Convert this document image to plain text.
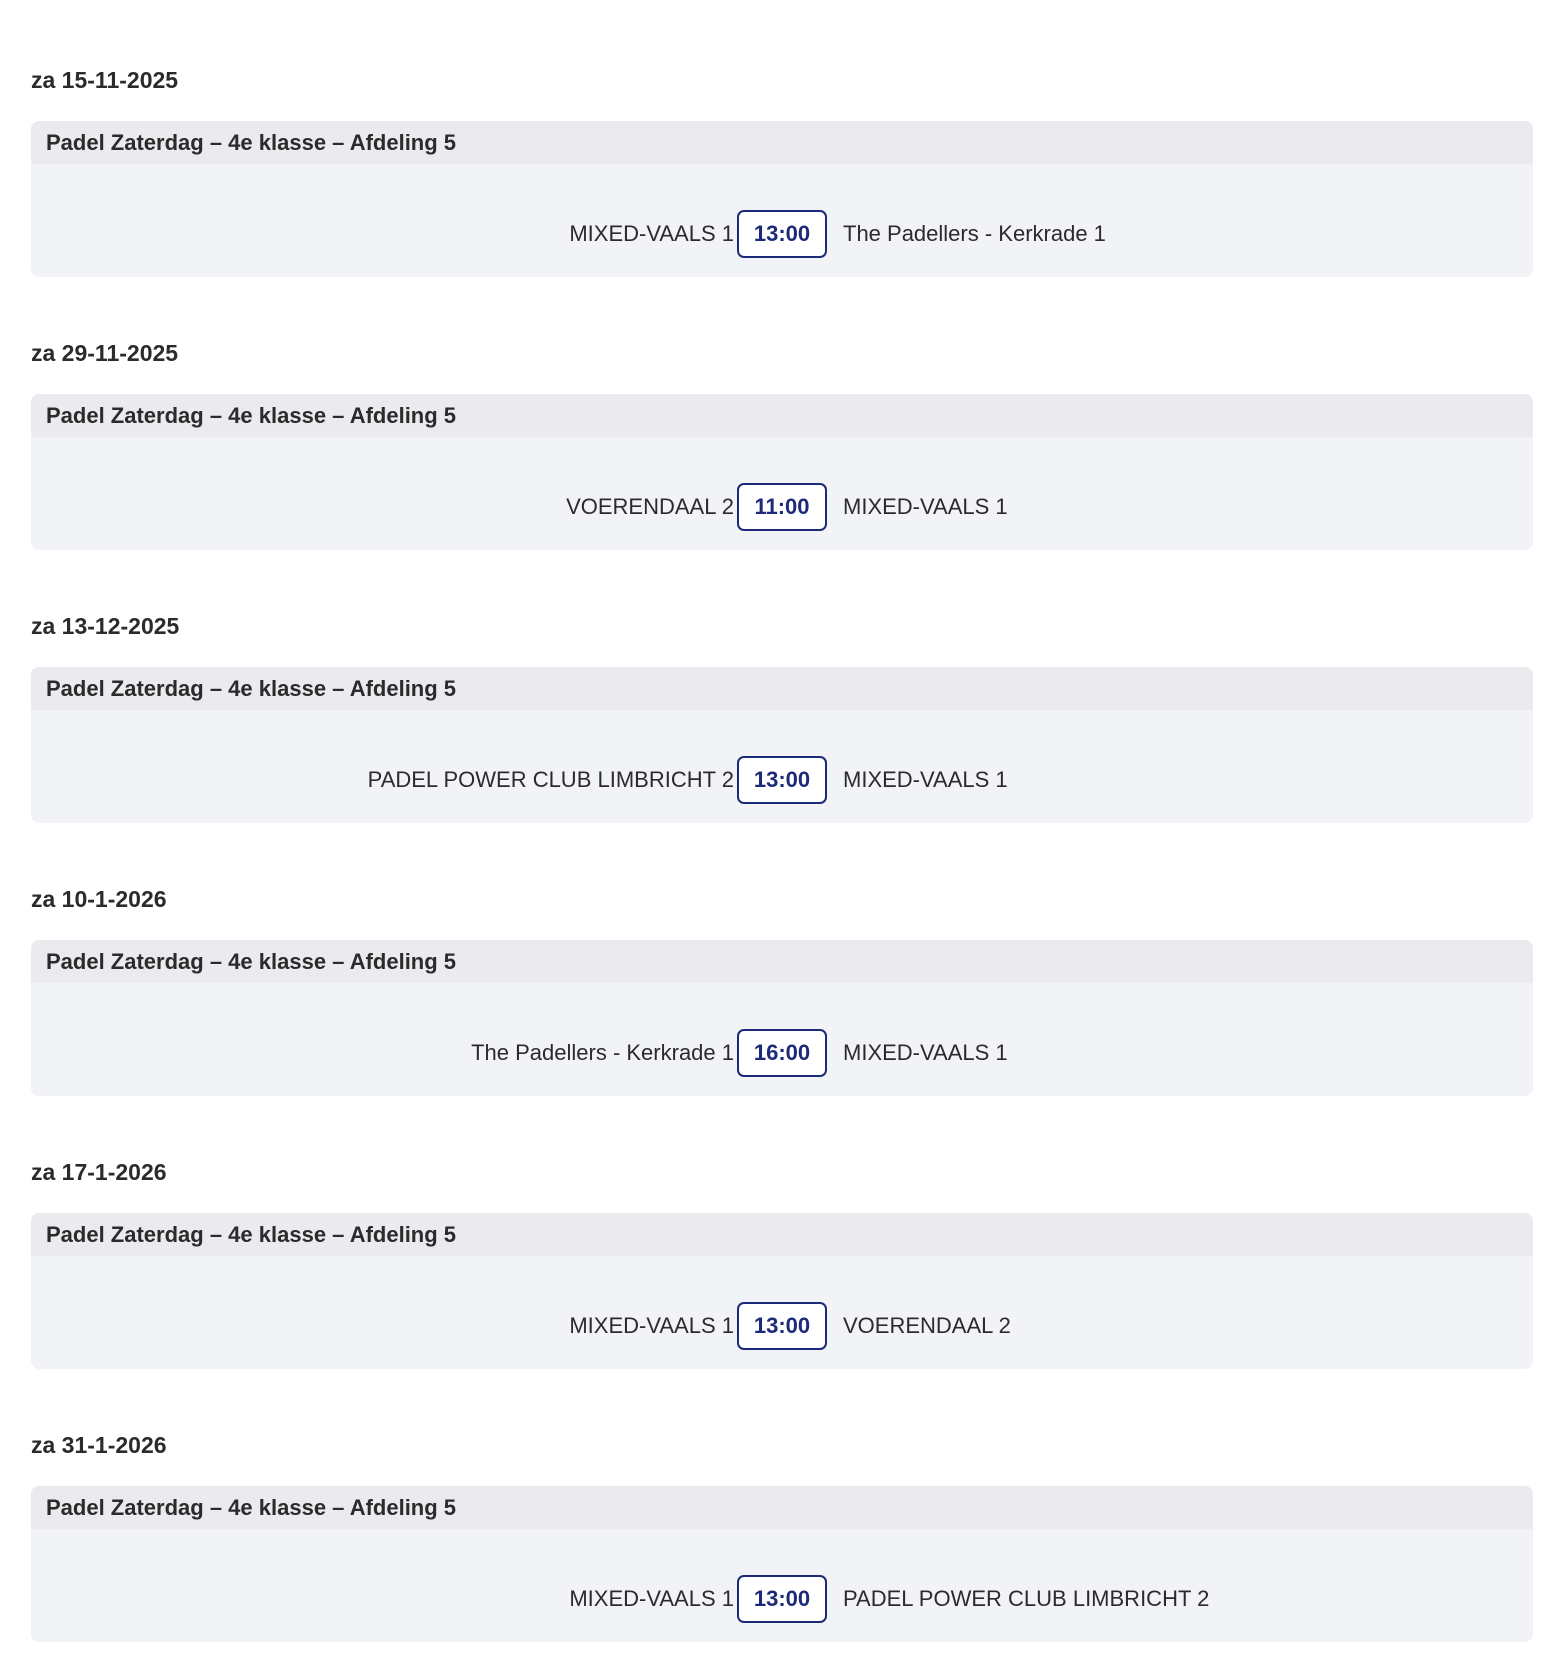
za 15-11-2025
Padel Zaterdag – 4e klasse – Afdeling 5
MIXED-VAALS 1 13:00	The Padellers - Kerkrade 1
za 29-11-2025
Padel Zaterdag – 4e klasse – Afdeling 5
VOERENDAAL 2 11:00	MIXED-VAALS 1
za 13-12-2025
Padel Zaterdag – 4e klasse – Afdeling 5
PADEL POWER CLUB LIMBRICHT 2 13:00	MIXED-VAALS 1
za 10-1-2026
Padel Zaterdag – 4e klasse – Afdeling 5
The Padellers - Kerkrade 1 16:00	MIXED-VAALS 1
za 17-1-2026
Padel Zaterdag – 4e klasse – Afdeling 5
MIXED-VAALS 1 13:00	VOERENDAAL 2
za 31-1-2026
Padel Zaterdag – 4e klasse – Afdeling 5
MIXED-VAALS 1 13:00	PADEL POWER CLUB LIMBRICHT 2
